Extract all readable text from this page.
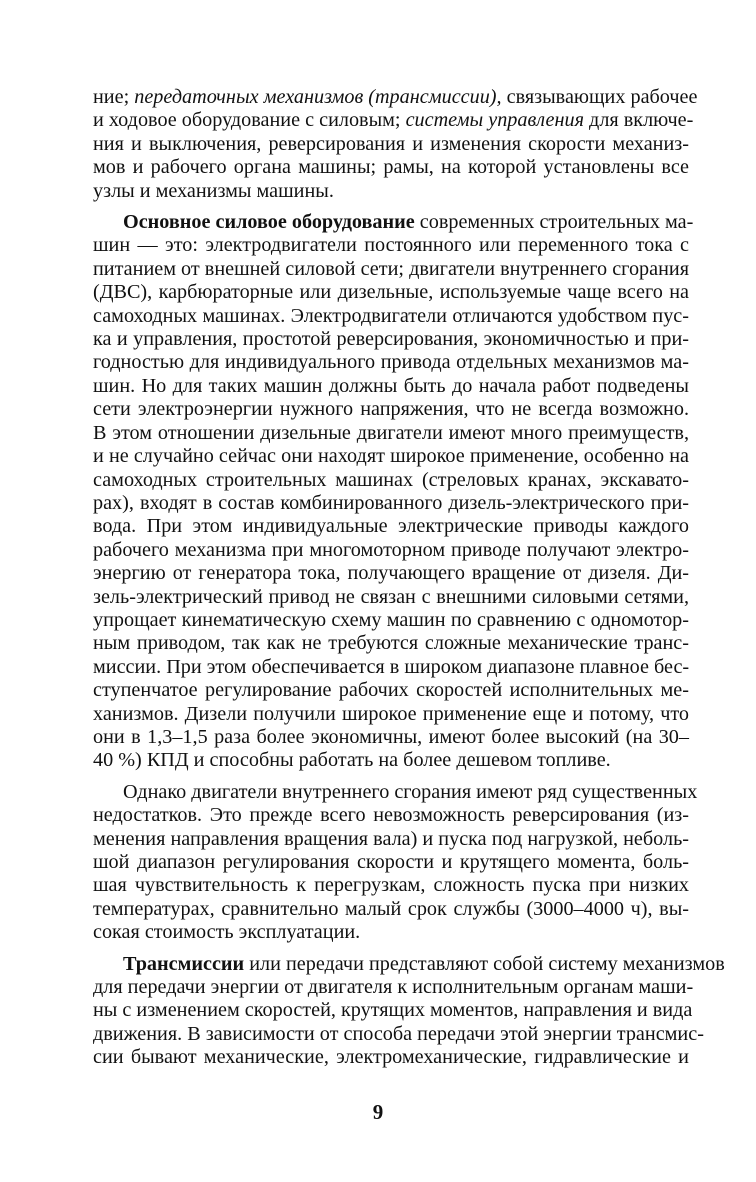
ние; передаточных механизмов (трансмиссии), связывающих рабочее
и ходовое оборудование с силовым; системы управления для включе-
ния и выключения, реверсирования и изменения скорости механиз-
мов и рабочего органа машины; рамы, на которой установлены все
узлы и механизмы машины.
Основное силовое оборудование современных строительных ма-
шин — это: электродвигатели постоянного или переменного тока с
питанием от внешней силовой сети; двигатели внутреннего сгорания
(ДВС), карбюраторные или дизельные, используемые чаще всего на
самоходных машинах. Электродвигатели отличаются удобством пус-
ка и управления, простотой реверсирования, экономичностью и при-
годностью для индивидуального привода отдельных механизмов ма-
шин. Но для таких машин должны быть до начала работ подведены
сети электроэнергии нужного напряжения, что не всегда возможно.
В этом отношении дизельные двигатели имеют много преимуществ,
и не случайно сейчас они находят широкое применение, особенно на
самоходных строительных машинах (стреловых кранах, экскавато-
рах), входят в состав комбинированного дизель-электрического при-
вода. При этом индивидуальные электрические приводы каждого
рабочего механизма при многомоторном приводе получают электро-
энергию от генератора тока, получающего вращение от дизеля. Ди-
зель-электрический привод не связан с внешними силовыми сетями,
упрощает кинематическую схему машин по сравнению с одномотор-
ным приводом, так как не требуются сложные механические транс-
миссии. При этом обеспечивается в широком диапазоне плавное бес-
ступенчатое регулирование рабочих скоростей исполнительных ме-
ханизмов. Дизели получили широкое применение еще и потому, что
они в 1,3–1,5 раза более экономичны, имеют более высокий (на 30–
40 %) КПД и способны работать на более дешевом топливе.
Однако двигатели внутреннего сгорания имеют ряд существенных
недостатков. Это прежде всего невозможность реверсирования (из-
менения направления вращения вала) и пуска под нагрузкой, неболь-
шой диапазон регулирования скорости и крутящего момента, боль-
шая чувствительность к перегрузкам, сложность пуска при низких
температурах, сравнительно малый срок службы (3000–4000 ч), вы-
сокая стоимость эксплуатации.
Трансмиссии или передачи представляют собой систему механизмов
для передачи энергии от двигателя к исполнительным органам маши-
ны с изменением скоростей, крутящих моментов, направления и вида
движения. В зависимости от способа передачи этой энергии трансмис-
сии бывают механические, электромеханические, гидравлические и
9
